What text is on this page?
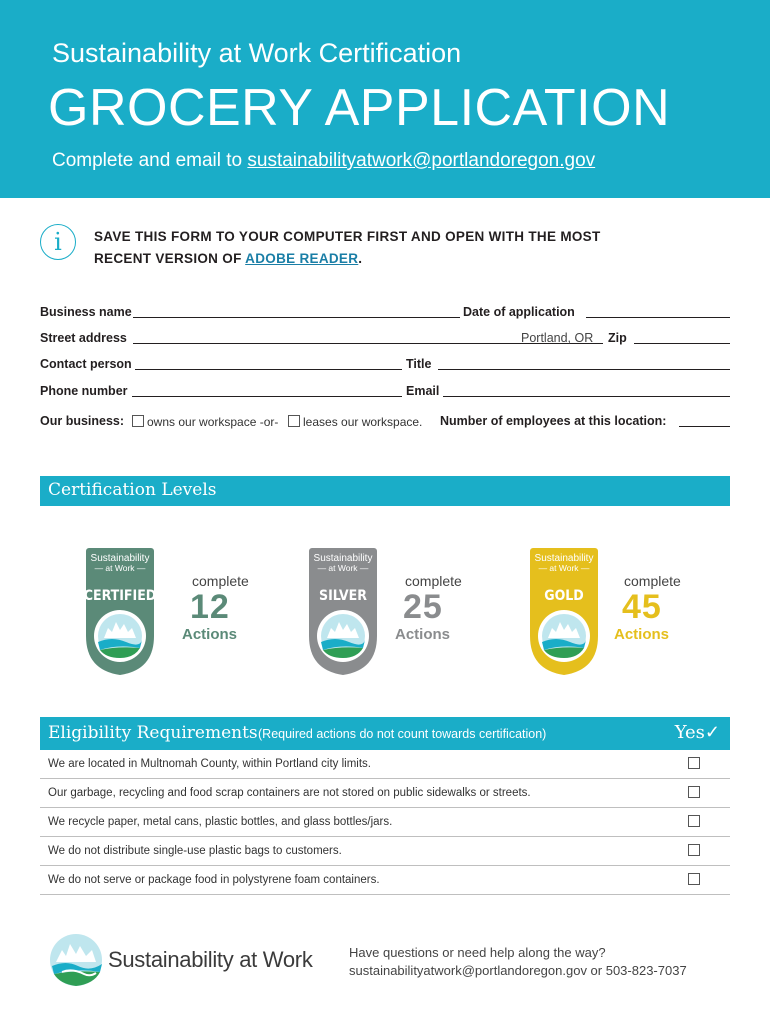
Sustainability at Work Certification
GROCERY APPLICATION
Complete and email to sustainabilityatwork@portlandoregon.gov
i	SAVE THIS FORM TO YOUR COMPUTER FIRST AND OPEN WITH THE MOST
RECENT VERSION OF ADOBE READER.
Business name	Date of application
Street address	Portland, OR Zip
Contact person	Title
Phone number	Email
Our business: owns our workspace -or- leases our workspace. Number of employees at this location:
Certification Levels
Sustainability
— at Work —
CERTIFIED
complete
12
Actions
Sustainability
— at Work —
SILVER
complete
25
Actions
Sustainability
— at Work —
GOLD
complete
45
Actions
Eligibility Requirements (Required actions do not count towards certification)	Yes✓
We are located in Multnomah County, within Portland city limits.
Our garbage, recycling and food scrap containers are not stored on public sidewalks or streets.
We recycle paper, metal cans, plastic bottles, and glass bottles/jars.
We do not distribute single-use plastic bags to customers.
We do not serve or package food in polystyrene foam containers.
Sustainability at Work	Have questions or need help along the way?
sustainabilityatwork@portlandoregon.gov or 503-823-7037
